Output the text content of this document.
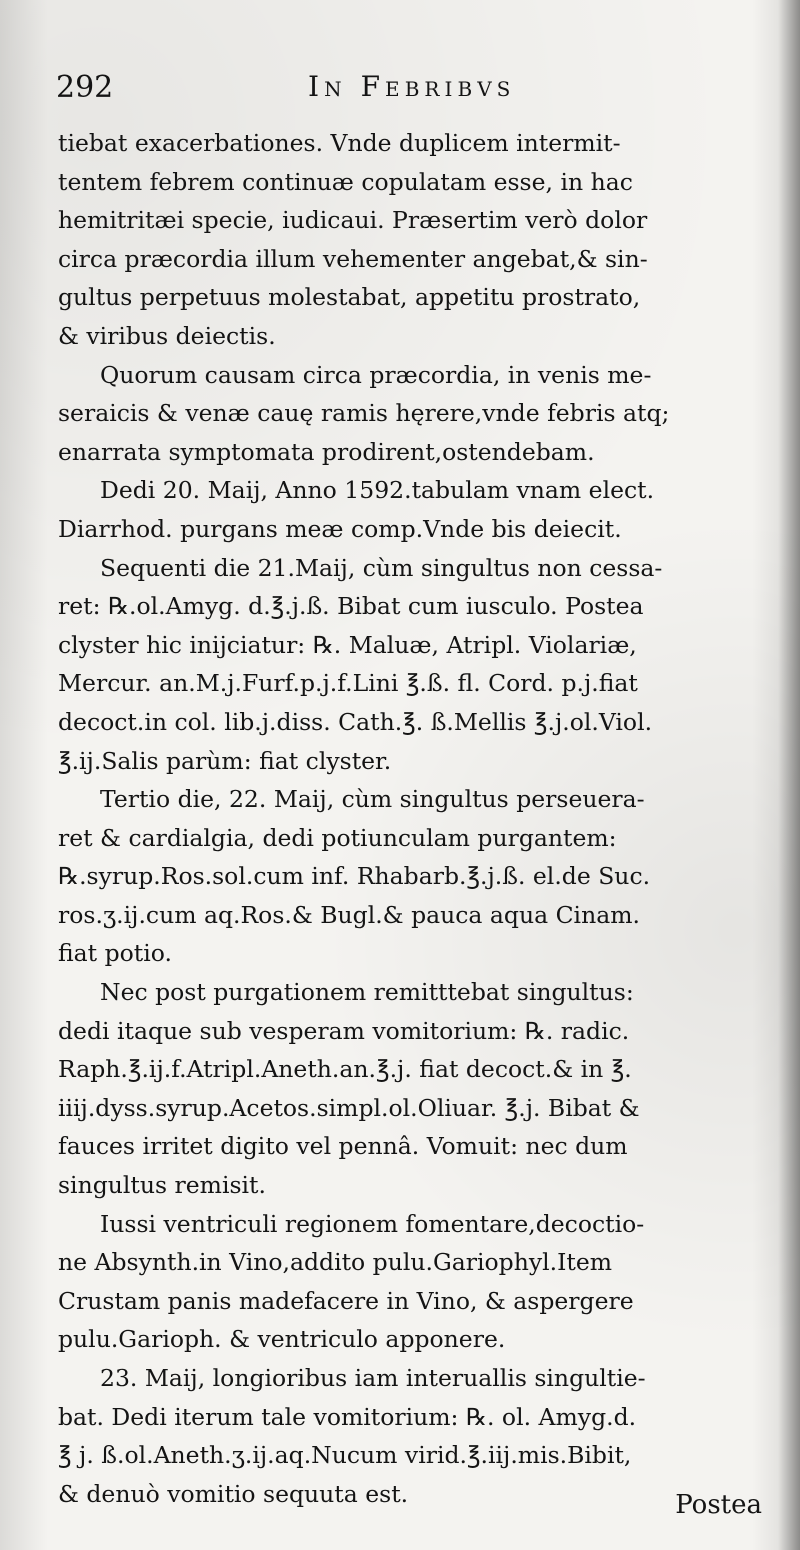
292	In Febribvs
tiebat exacerbationes. Vnde duplicem intermit-
tentem febrem continuæ copulatam esse, in hac
hemitritæi specie, iudicaui. Præsertim verò dolor
circa præcordia illum vehementer angebat,& sin-
gultus perpetuus molestabat, appetitu prostrato,
& viribus deiectis.
Quorum causam circa præcordia, in venis me-
seraicis & venæ cauę ramis hęrere,vnde febris atq;
enarrata symptomata prodirent,ostendebam.
Dedi 20. Maij, Anno 1592.tabulam vnam elect.
Diarrhod. purgans meæ comp.Vnde bis deiecit.
Sequenti die 21.Maij, cùm singultus non cessa-
ret: ℞.ol.Amyg. d.℥.j.ß. Bibat cum iusculo. Postea
clyster hic inijciatur: ℞. Maluæ, Atripl. Violariæ,
Mercur. an.M.j.Furf.p.j.f.Lini ℥.ß. fl. Cord. p.j.fiat
decoct.in col. lib.j.diss. Cath.℥. ß.Mellis ℥.j.ol.Viol.
℥.ij.Salis parùm: fiat clyster.
Tertio die, 22. Maij, cùm singultus perseuera-
ret & cardialgia, dedi potiunculam purgantem:
℞.syrup.Ros.sol.cum inf. Rhabarb.℥.j.ß. el.de Suc.
ros.ʒ.ij.cum aq.Ros.& Bugl.& pauca aqua Cinam.
fiat potio.
Nec post purgationem remitttebat singultus:
dedi itaque sub vesperam vomitorium: ℞. radic.
Raph.℥.ij.f.Atripl.Aneth.an.℥.j. fiat decoct.& in ℥.
iiij.dyss.syrup.Acetos.simpl.ol.Oliuar. ℥.j. Bibat &
fauces irritet digito vel pennâ. Vomuit: nec dum
singultus remisit.
Iussi ventriculi regionem fomentare,decoctio-
ne Absynth.in Vino,addito pulu.Gariophyl.Item
Crustam panis madefacere in Vino, & aspergere
pulu.Garioph. & ventriculo apponere.
23. Maij, longioribus iam interuallis singultie-
bat. Dedi iterum tale vomitorium: ℞. ol. Amyg.d.
℥ j. ß.ol.Aneth.ʒ.ij.aq.Nucum virid.℥.iij.mis.Bibit,
& denuò vomitio sequuta est.	Postea
